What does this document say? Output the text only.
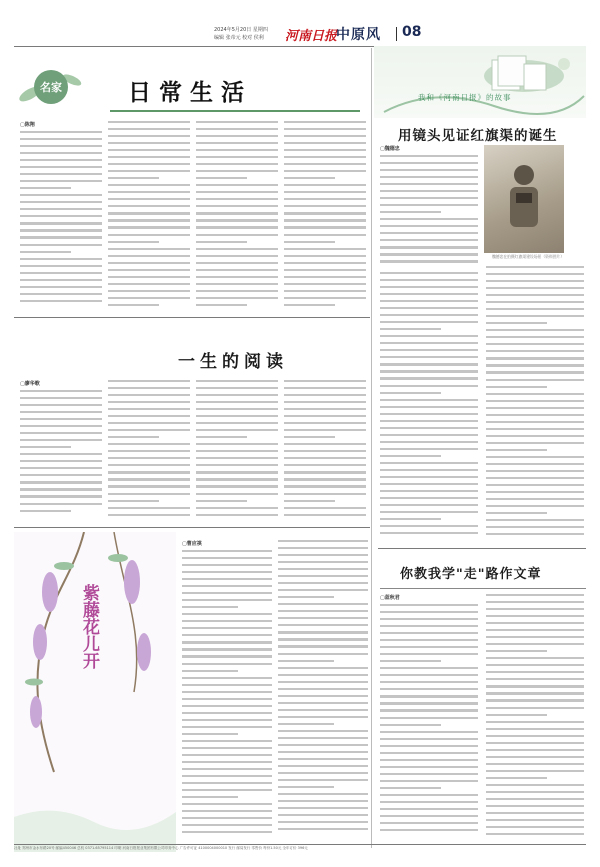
2024年5月20日 星期四
编辑 张帝元 校对 侯利 河南日报
中原风 08
名家	日常生活
▢陈翔
我和《河南日报》的故事
用镜头见证红旗渠的诞生
▢魏德忠
魏德忠在拍摄红旗渠建设场景（资料图片）
一生的阅读
▢廖华歌
紫藤花儿开
▢曹应祺
你教我学"走"路作文章
▢蓝秋君
社址 郑州市金水东路20号 邮编450046 总机 0371-65795114 印刷 河南日报报业集团有限公司印务中心 广告许可证 4100004000010 发行 邮局发行 零售价 每份1.50元 全年订价 396元
